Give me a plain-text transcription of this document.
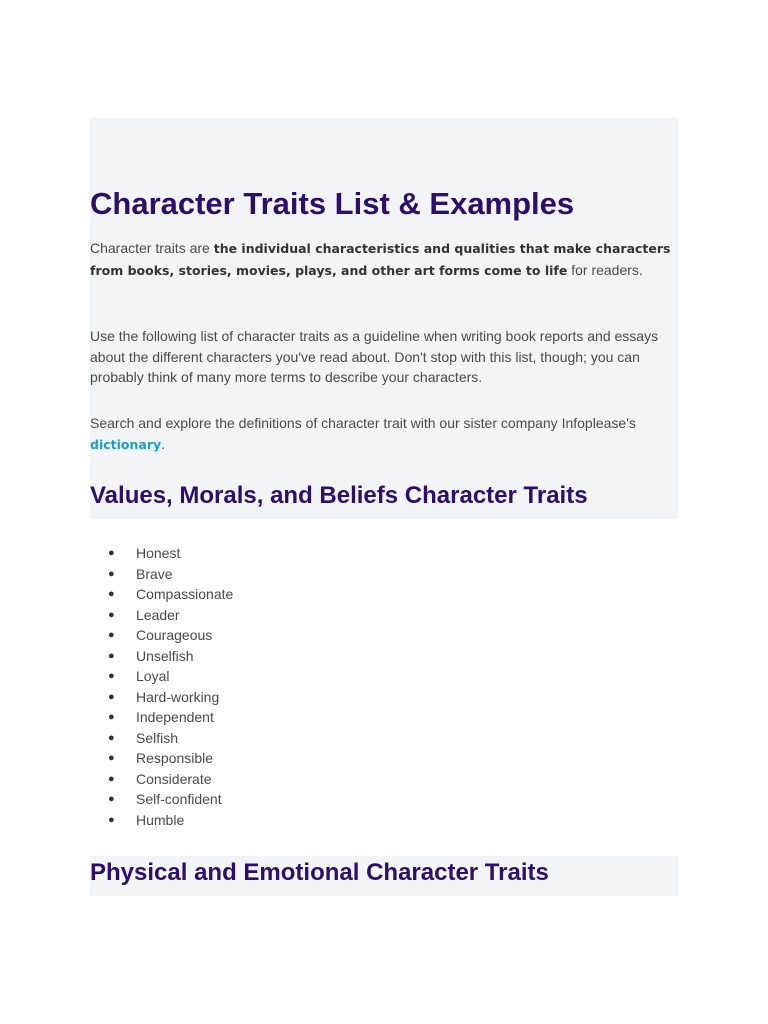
Character Traits List & Examples

Character traits are the individual characteristics and qualities that make characters from books, stories, movies, plays, and other art forms come to life for readers.

Use the following list of character traits as a guideline when writing book reports and essays about the different characters you've read about. Don't stop with this list, though; you can probably think of many more terms to describe your characters.

Search and explore the definitions of character trait with our sister company Infoplease's dictionary.

Values, Morals, and Beliefs Character Traits
● Honest
● Brave
● Compassionate
● Leader
● Courageous
● Unselfish
● Loyal
● Hard-working
● Independent
● Selfish
● Responsible
● Considerate
● Self-confident
● Humble
Physical and Emotional Character Traits
